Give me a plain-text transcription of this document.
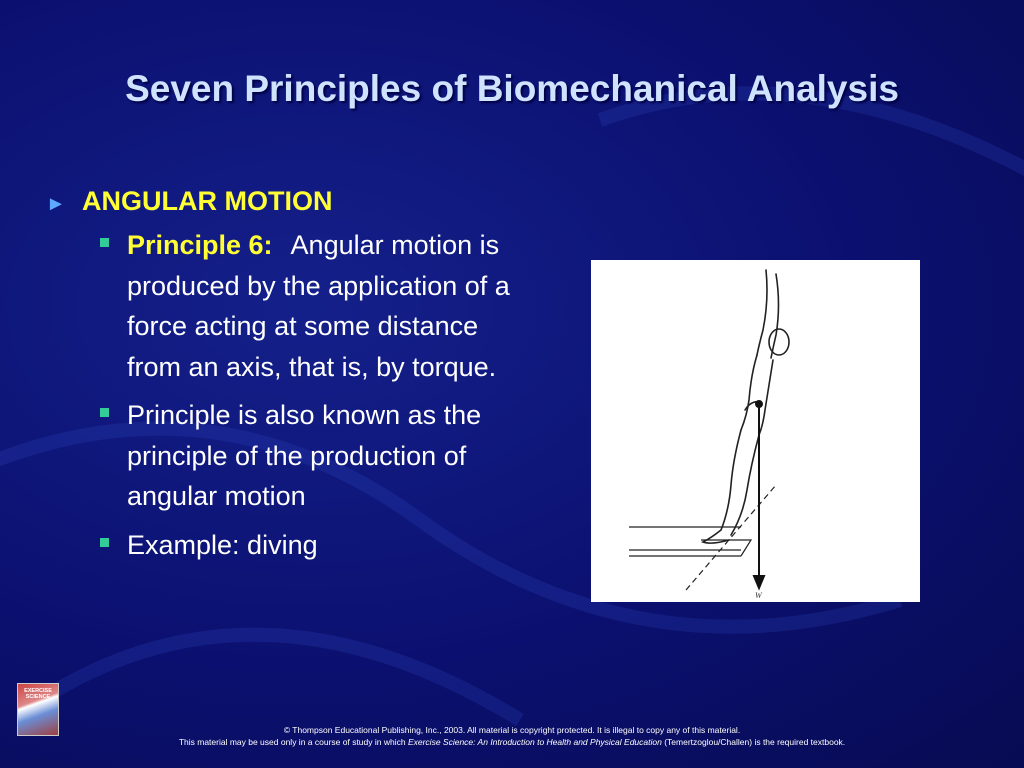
Seven Principles of Biomechanical Analysis
► ANGULAR MOTION
Principle 6: Angular motion is produced by the application of a force acting at some distance from an axis, that is, by torque.
Principle is also known as the principle of the production of angular motion
Example: diving
W
EXERCISE SCIENCE
© Thompson Educational Publishing, Inc., 2003. All material is copyright protected. It is illegal to copy any of this material.
This material may be used only in a course of study in which Exercise Science: An Introduction to Health and Physical Education (Temertzoglou/Challen) is the required textbook.
